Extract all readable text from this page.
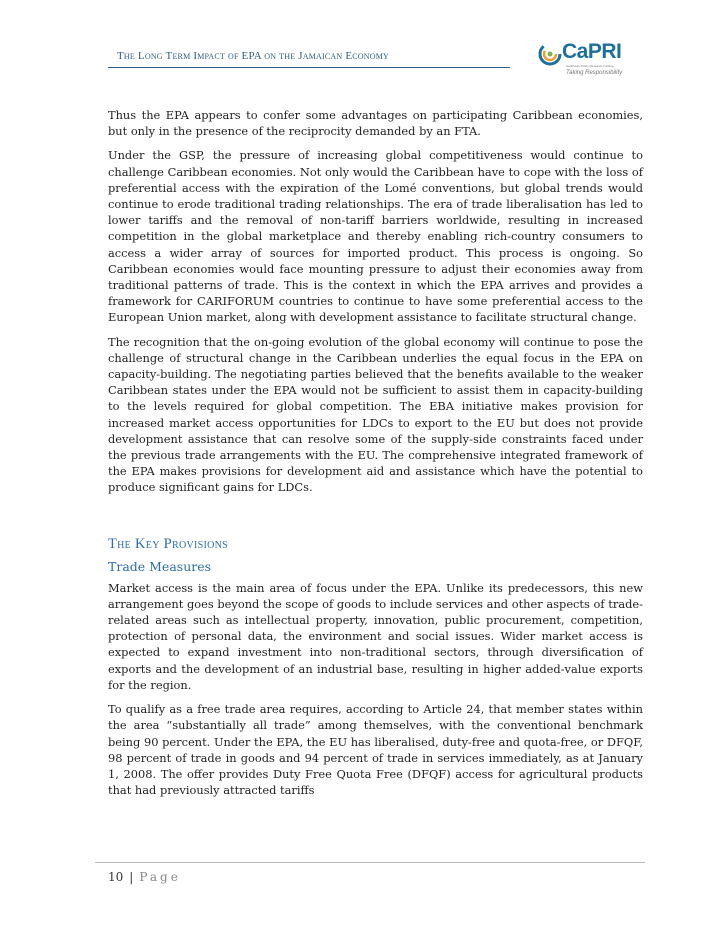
The Long Term Impact of EPA on the Jamaican Economy	CaPRI
Caribbean Policy Research Institute
Taking Responsibility

Thus the EPA appears to confer some advantages on participating Caribbean economies, but only in the presence of the reciprocity demanded by an FTA.

Under the GSP, the pressure of increasing global competitiveness would continue to challenge Caribbean economies. Not only would the Caribbean have to cope with the loss of preferential access with the expiration of the Lomé conventions, but global trends would continue to erode traditional trading relationships. The era of trade liberalisation has led to lower tariffs and the removal of non-tariff barriers worldwide, resulting in increased competition in the global marketplace and thereby enabling rich-country consumers to access a wider array of sources for imported product. This process is ongoing. So Caribbean economies would face mounting pressure to adjust their economies away from traditional patterns of trade. This is the context in which the EPA arrives and provides a framework for CARIFORUM countries to continue to have some preferential access to the European Union market, along with development assistance to facilitate structural change.

The recognition that the on-going evolution of the global economy will continue to pose the challenge of structural change in the Caribbean underlies the equal focus in the EPA on capacity-building. The negotiating parties believed that the benefits available to the weaker Caribbean states under the EPA would not be sufficient to assist them in capacity-building to the levels required for global competition. The EBA initiative makes provision for increased market access opportunities for LDCs to export to the EU but does not provide development assistance that can resolve some of the supply-side constraints faced under the previous trade arrangements with the EU. The comprehensive integrated framework of the EPA makes provisions for development aid and assistance which have the potential to produce significant gains for LDCs.

The Key Provisions
Trade Measures

Market access is the main area of focus under the EPA. Unlike its predecessors, this new arrangement goes beyond the scope of goods to include services and other aspects of trade-related areas such as intellectual property, innovation, public procurement, competition, protection of personal data, the environment and social issues. Wider market access is expected to expand investment into non-traditional sectors, through diversification of exports and the development of an industrial base, resulting in higher added-value exports for the region.

To qualify as a free trade area requires, according to Article 24, that member states within the area “substantially all trade” among themselves, with the conventional benchmark being 90 percent. Under the EPA, the EU has liberalised, duty-free and quota-free, or DFQF, 98 percent of trade in goods and 94 percent of trade in services immediately, as at January 1, 2008. The offer provides Duty Free Quota Free (DFQF) access for agricultural products that had previously attracted tariffs

10 | Page
